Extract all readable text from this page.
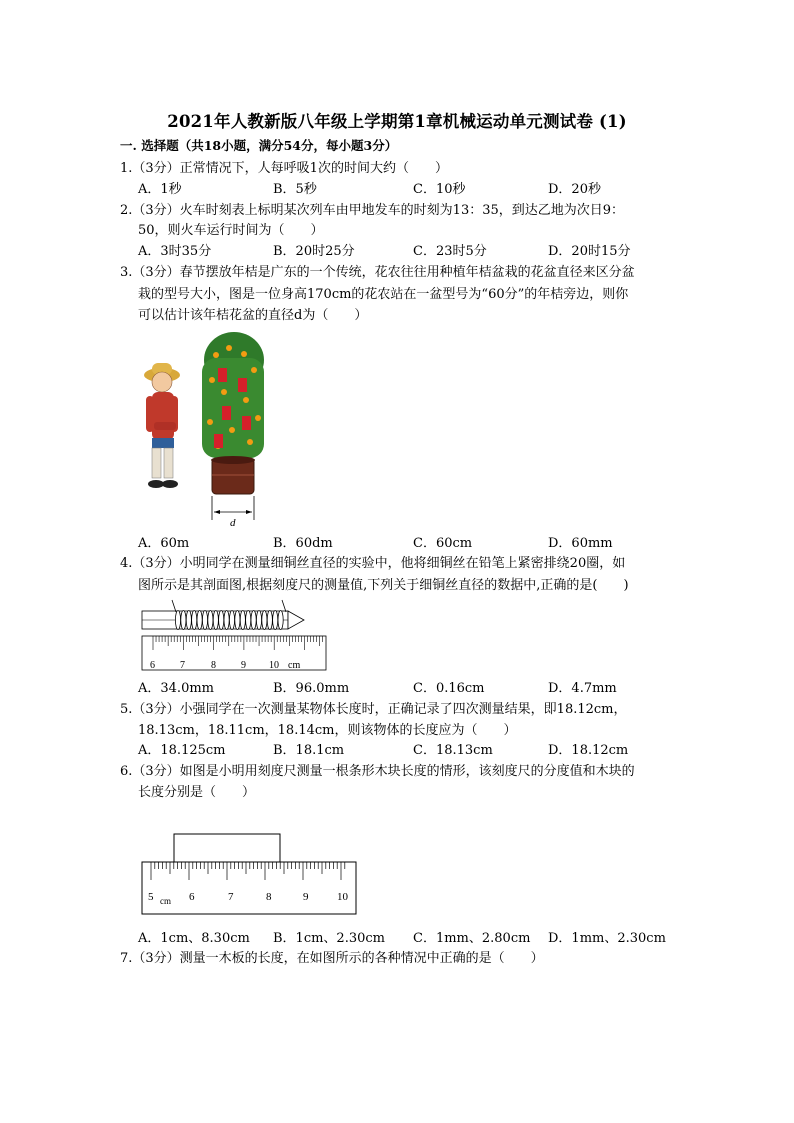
2021年人教新版八年级上学期第1章机械运动单元测试卷 (1)
一. 选择题（共18小题，满分54分，每小题3分）
1.（3分）正常情况下，人每呼吸1次的时间大约（　　）
A．1秒	B．5秒	C．10秒	D．20秒
2.（3分）火车时刻表上标明某次列车由甲地发车的时刻为13：35，到达乙地为次日9：
50，则火车运行时间为（　　）
A．3时35分	B．20时25分	C．23时5分	D．20时15分
3.（3分）春节摆放年桔是广东的一个传统，花农往往用种植年桔盆栽的花盆直径来区分盆
栽的型号大小，图是一位身高170cm的花农站在一盆型号为“60分”的年桔旁边，则你
可以估计该年桔花盆的直径d为（　　）
d
A．60m	B．60dm	C．60cm	D．60mm
4.（3分）小明同学在测量细铜丝直径的实验中，他将细铜丝在铅笔上紧密排绕20圈，如
图所示是其剖面图,根据刻度尺的测量值,下列关于细铜丝直径的数据中,正确的是(　　)
6	7	8	9 10 cm
A．34.0mm	B．96.0mm	C．0.16cm	D．4.7mm
5.（3分）小强同学在一次测量某物体长度时，正确记录了四次测量结果，即18.12cm，
18.13cm，18.11cm，18.14cm，则该物体的长度应为（　　）
A．18.125cm	B．18.1cm	C．18.13cm	D．18.12cm
6.（3分）如图是小明用刻度尺测量一根条形木块长度的情形，该刻度尺的分度值和木块的
长度分别是（　　）
5 cm 6	7	8	9	10
A．1cm、8.30cm B．1cm、2.30cm C．1mm、2.80cm D．1mm、2.30cm
7.（3分）测量一木板的长度，在如图所示的各种情况中正确的是（　　）
